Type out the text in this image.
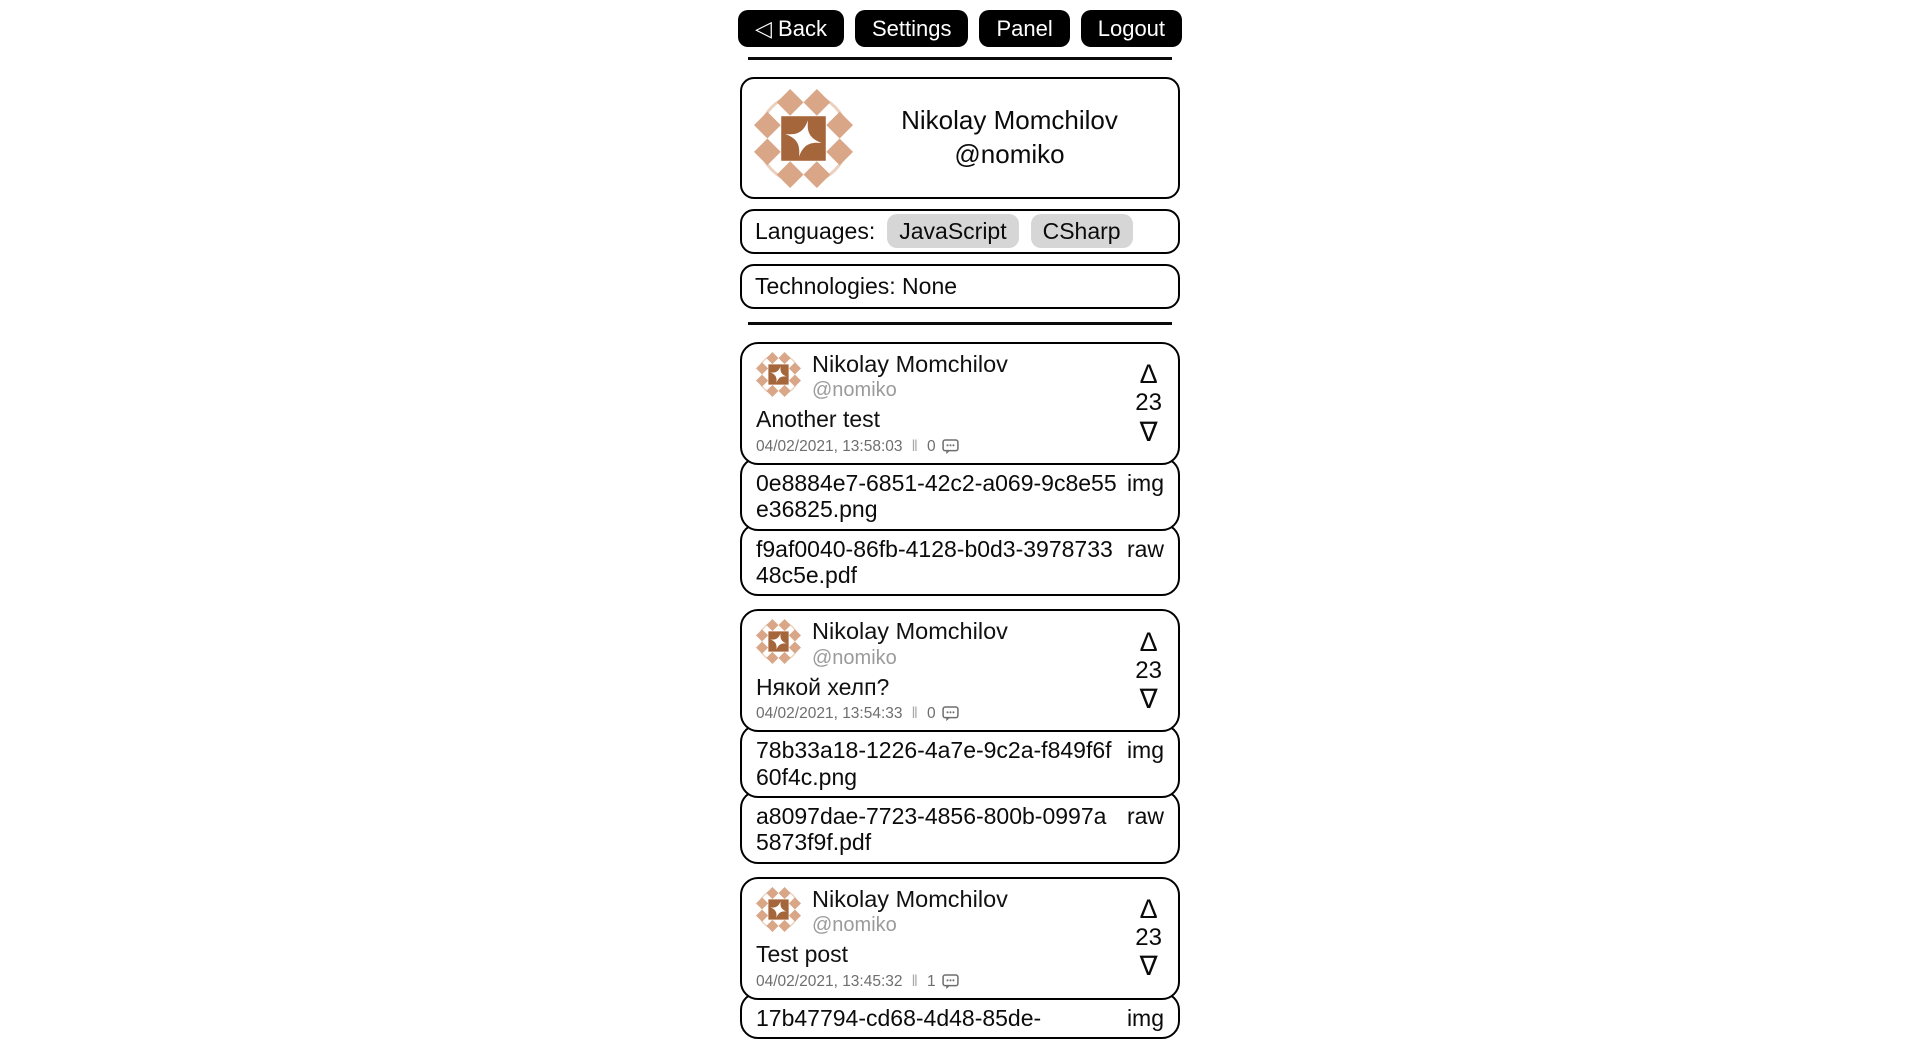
◁ Back	Settings	Panel	Logout
Nikolay Momchilov
@nomiko
Languages:	JavaScript CSharp
Technologies: None
Nikolay Momchilov
@nomiko
Another test
04/02/2021, 13:58:03 ‖ 0
Δ
23
∇
0e8884e7-6851-42c2-a069-9c8e55e36825.png
img
f9af0040-86fb-4128-b0d3-397873348c5e.pdf
raw
Nikolay Momchilov
@nomiko
Някой хелп?
04/02/2021, 13:54:33 ‖ 0
Δ
23
∇
78b33a18-1226-4a7e-9c2a-f849f6f60f4c.png
img
a8097dae-7723-4856-800b-0997a5873f9f.pdf
raw
Nikolay Momchilov
@nomiko
Test post
04/02/2021, 13:45:32 ‖ 1
Δ
23
∇
17b47794-cd68-4d48-85de-	img
